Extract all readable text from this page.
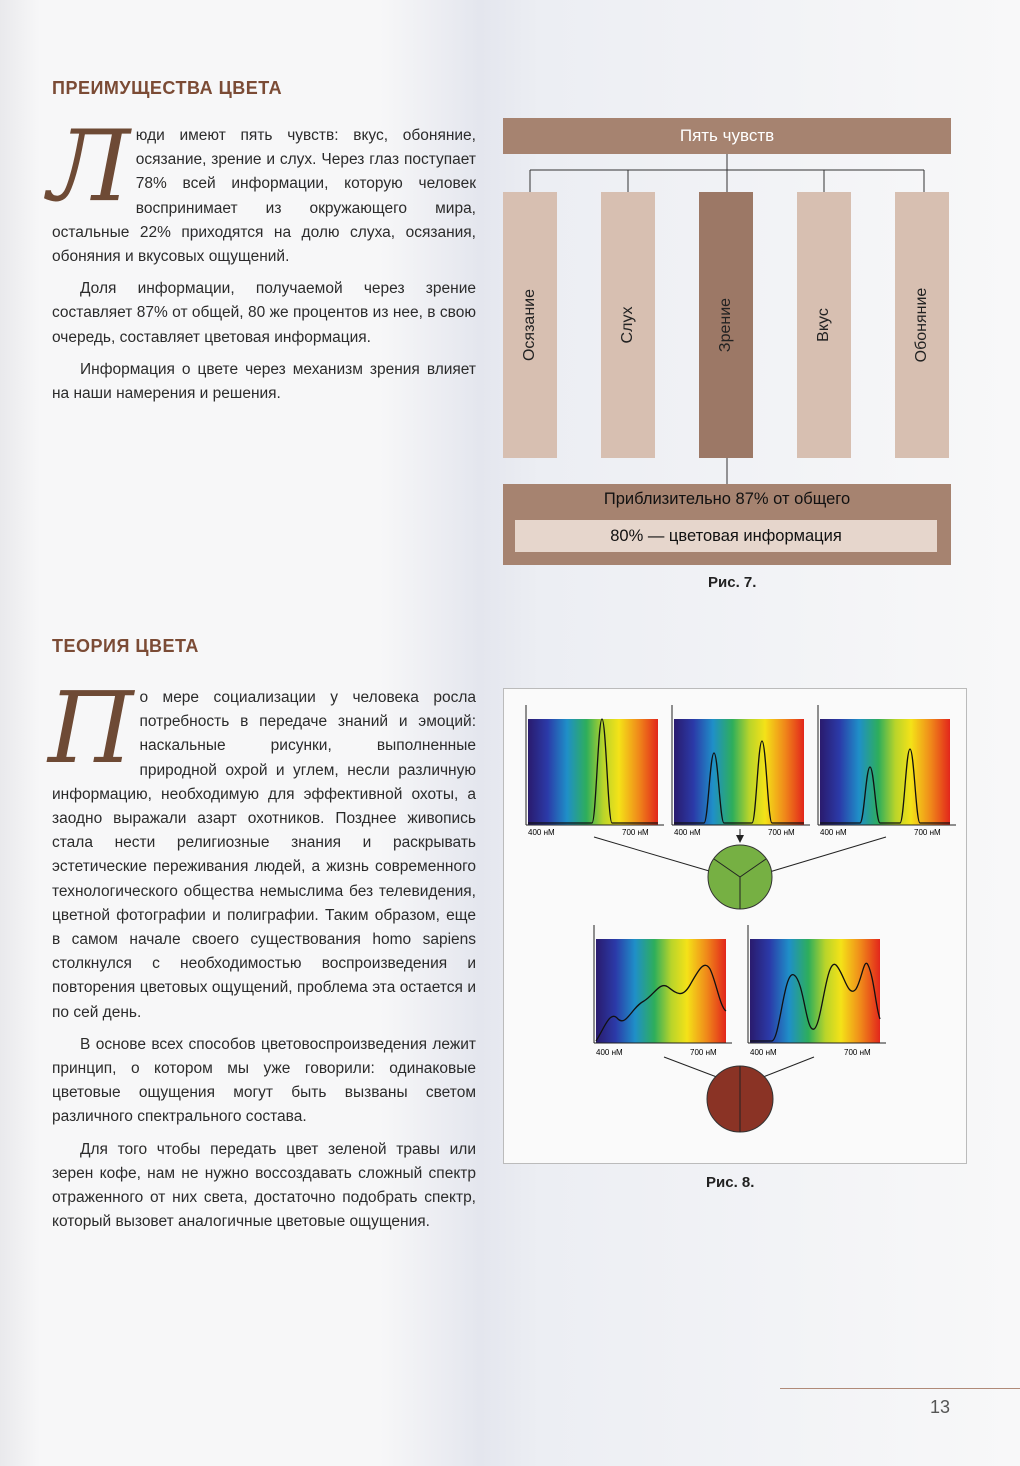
ПРЕИМУЩЕСТВА ЦВЕТА

Люди имеют пять чувств: вкус, обоняние, осязание, зрение и слух. Через глаз поступает 78% всей информации, которую человек воспринимает из окружающего мира, остальные 22% приходятся на долю слуха, осязания, обоняния и вкусовых ощущений.

Доля информации, получаемой через зрение составляет 87% от общей, 80 же процентов из нее, в свою очередь, составляет цветовая информация.

Информация о цвете через механизм зрения влияет на наши намерения и решения.

Пять чувств
Осязание	Слух	Зрение	Вкус	Обоняние
Приблизительно 87% от общего
80% — цветовая информация
Рис. 7.
ТЕОРИЯ ЦВЕТА

По мере социализации у человека росла потребность в передаче знаний и эмоций: наскальные рисунки, выполненные природной охрой и углем, несли различную информацию, необходимую для эффективной охоты, а заодно выражали азарт охотников. Позднее живопись стала нести религиозные знания и раскрывать эстетические переживания людей, а жизнь современного технологического общества немыслима без телевидения, цветной фотографии и полиграфии. Таким образом, еще в самом начале своего существования homo sapiens столкнулся с необходимостью воспроизведения и повторения цветовых ощущений, проблема эта остается и по сей день.

В основе всех способов цветовоспроизведения лежит принцип, о котором мы уже говорили: одинаковые цветовые ощущения могут быть вызваны светом различного спектрального состава.

Для того чтобы передать цвет зеленой травы или зерен кофе, нам не нужно воссоздавать сложный спектр отраженного от них света, достаточно подобрать спектр, который вызовет аналогичные цветовые ощущения.

400 нМ	700 нМ	400 нМ	700 нМ	400 нМ	700 нМ
400 нМ	700 нМ	400 нМ	700 нМ
Рис. 8.
13
